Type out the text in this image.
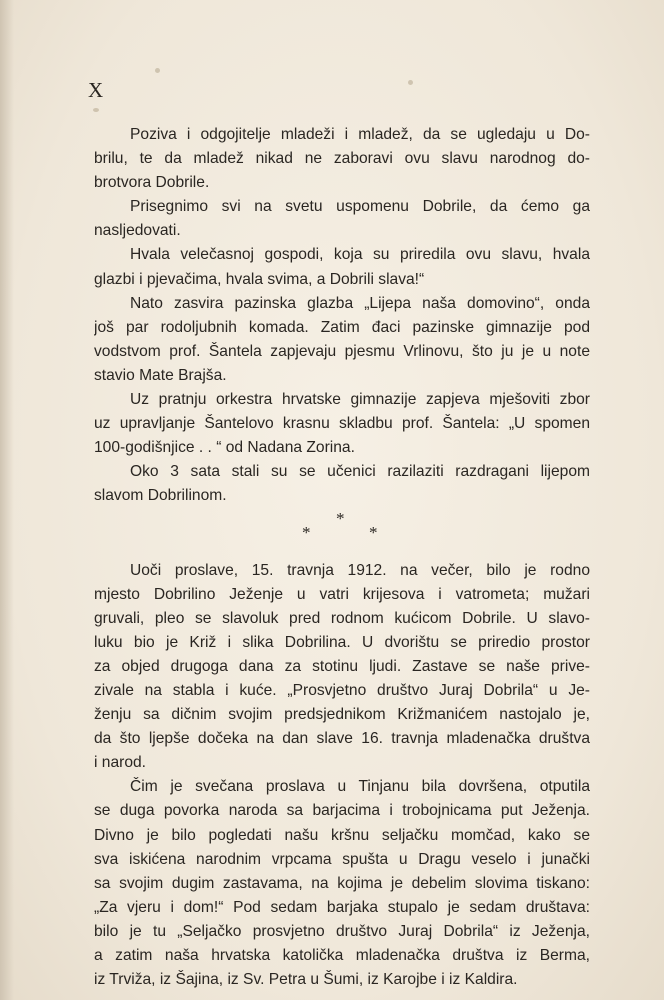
X
Poziva i odgojitelje mladeži i mladež, da se ugledaju u Do-
brilu, te da mladež nikad ne zaboravi ovu slavu narodnog do-
brotvora Dobrile.
Prisegnimo svi na svetu uspomenu Dobrile, da ćemo ga
nasljedovati.
Hvala velečasnoj gospodi, koja su priredila ovu slavu, hvala
glazbi i pjevačima, hvala svima, a Dobrili slava!“
Nato zasvira pazinska glazba „Lijepa naša domovino“, onda
još par rodoljubnih komada. Zatim đaci pazinske gimnazije pod
vodstvom prof. Šantela zapjevaju pjesmu Vrlinovu, što ju je u note
stavio Mate Brajša.
Uz pratnju orkestra hrvatske gimnazije zapjeva mješoviti zbor
uz upravljanje Šantelovo krasnu skladbu prof. Šantela: „U spomen
100-godišnjice . . “ od Nadana Zorina.
Oko 3 sata stali su se učenici razilaziti razdragani lijepom
slavom Dobrilinom.
*
*
*
Uoči proslave, 15. travnja 1912. na večer, bilo je rodno
mjesto Dobrilino Ježenje u vatri krijesova i vatrometa; mužari
gruvali, pleo se slavoluk pred rodnom kućicom Dobrile. U slavo-
luku bio je Križ i slika Dobrilina. U dvorištu se priredio prostor
za objed drugoga dana za stotinu ljudi. Zastave se naše prive-
zivale na stabla i kuće. „Prosvjetno društvo Juraj Dobrila“ u Je-
ženju sa dičnim svojim predsjednikom Križmanićem nastojalo je,
da što ljepše dočeka na dan slave 16. travnja mladenačka društva
i narod.
Čim je svečana proslava u Tinjanu bila dovršena, otputila
se duga povorka naroda sa barjacima i trobojnicama put Ježenja.
Divno je bilo pogledati našu kršnu seljačku momčad, kako se
sva iskićena narodnim vrpcama spušta u Dragu veselo i junački
sa svojim dugim zastavama, na kojima je debelim slovima tiskano:
„Za vjeru i dom!“ Pod sedam barjaka stupalo je sedam društava:
bilo je tu „Seljačko prosvjetno društvo Juraj Dobrila“ iz Ježenja,
a zatim naša hrvatska katolička mladenačka društva iz Berma,
iz Trviža, iz Šajina, iz Sv. Petra u Šumi, iz Karojbe i iz Kaldira.
